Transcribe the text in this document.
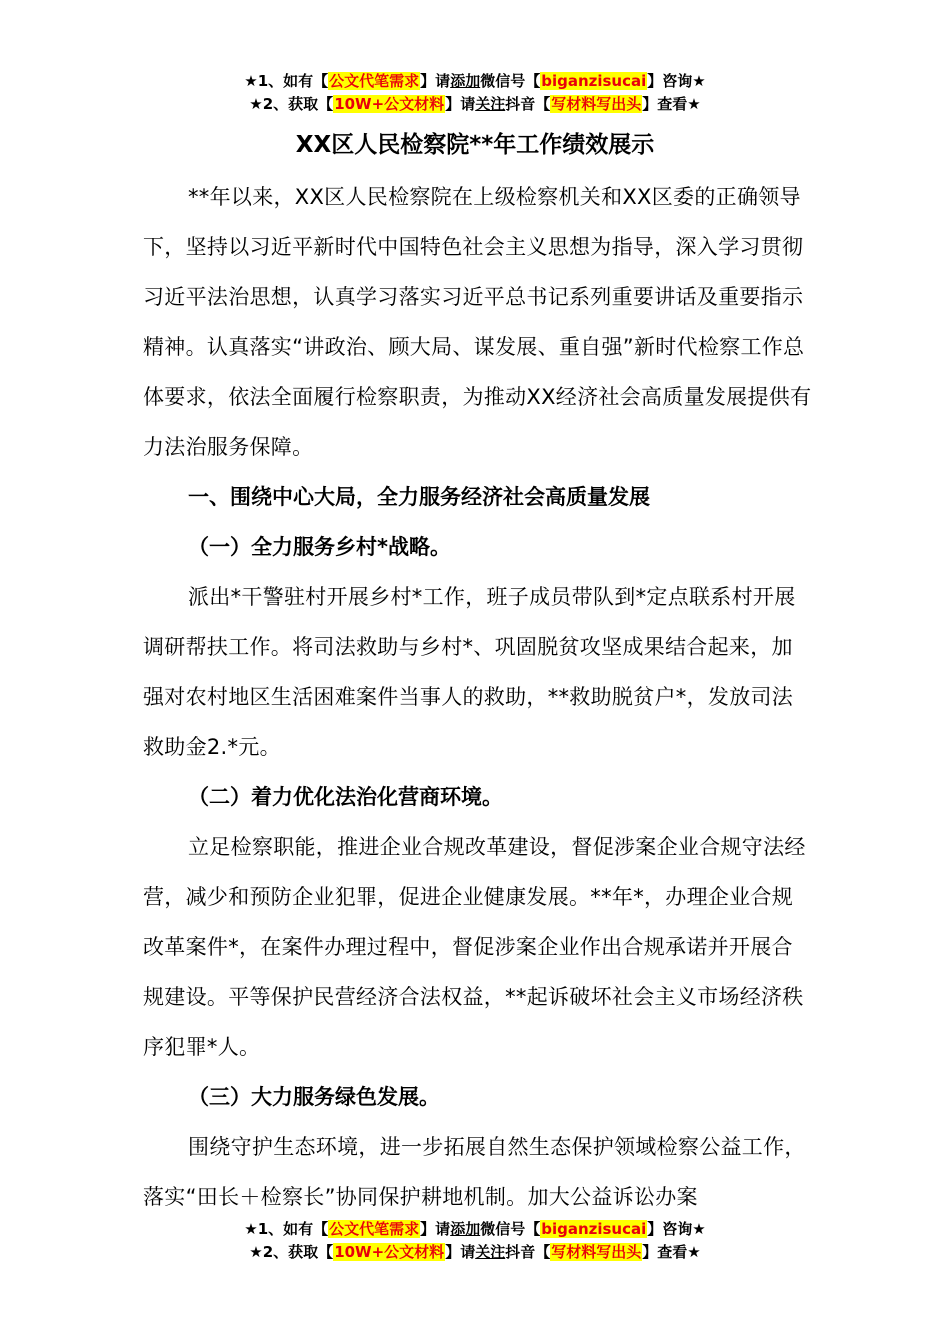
★1、如有【公文代笔需求】请添加微信号【biganzisucai】咨询★
★2、获取【10W+公文材料】请关注抖音【写材料写出头】查看★
XX区人民检察院**年工作绩效展示

**年以来，XX区人民检察院在上级检察机关和XX区委的正确领导下，坚持以习近平新时代中国特色社会主义思想为指导，深入学习贯彻习近平法治思想，认真学习落实习近平总书记系列重要讲话及重要指示精神。认真落实“讲政治、顾大局、谋发展、重自强”新时代检察工作总体要求，依法全面履行检察职责，为推动XX经济社会高质量发展提供有力法治服务保障。

一、围绕中心大局，全力服务经济社会高质量发展

（一）全力服务乡村*战略。

派出*干警驻村开展乡村*工作，班子成员带队到*定点联系村开展调研帮扶工作。将司法救助与乡村*、巩固脱贫攻坚成果结合起来，加强对农村地区生活困难案件当事人的救助，**救助脱贫户*，发放司法救助金2.*元。

（二）着力优化法治化营商环境。

立足检察职能，推进企业合规改革建设，督促涉案企业合规守法经营，减少和预防企业犯罪，促进企业健康发展。**年*，办理企业合规改革案件*，在案件办理过程中，督促涉案企业作出合规承诺并开展合规建设。平等保护民营经济合法权益，**起诉破坏社会主义市场经济秩序犯罪*人。

（三）大力服务绿色发展。

围绕守护生态环境，进一步拓展自然生态保护领域检察公益工作，落实“田长＋检察长”协同保护耕地机制。加大公益诉讼办案

★1、如有【公文代笔需求】请添加微信号【biganzisucai】咨询★
★2、获取【10W+公文材料】请关注抖音【写材料写出头】查看★
